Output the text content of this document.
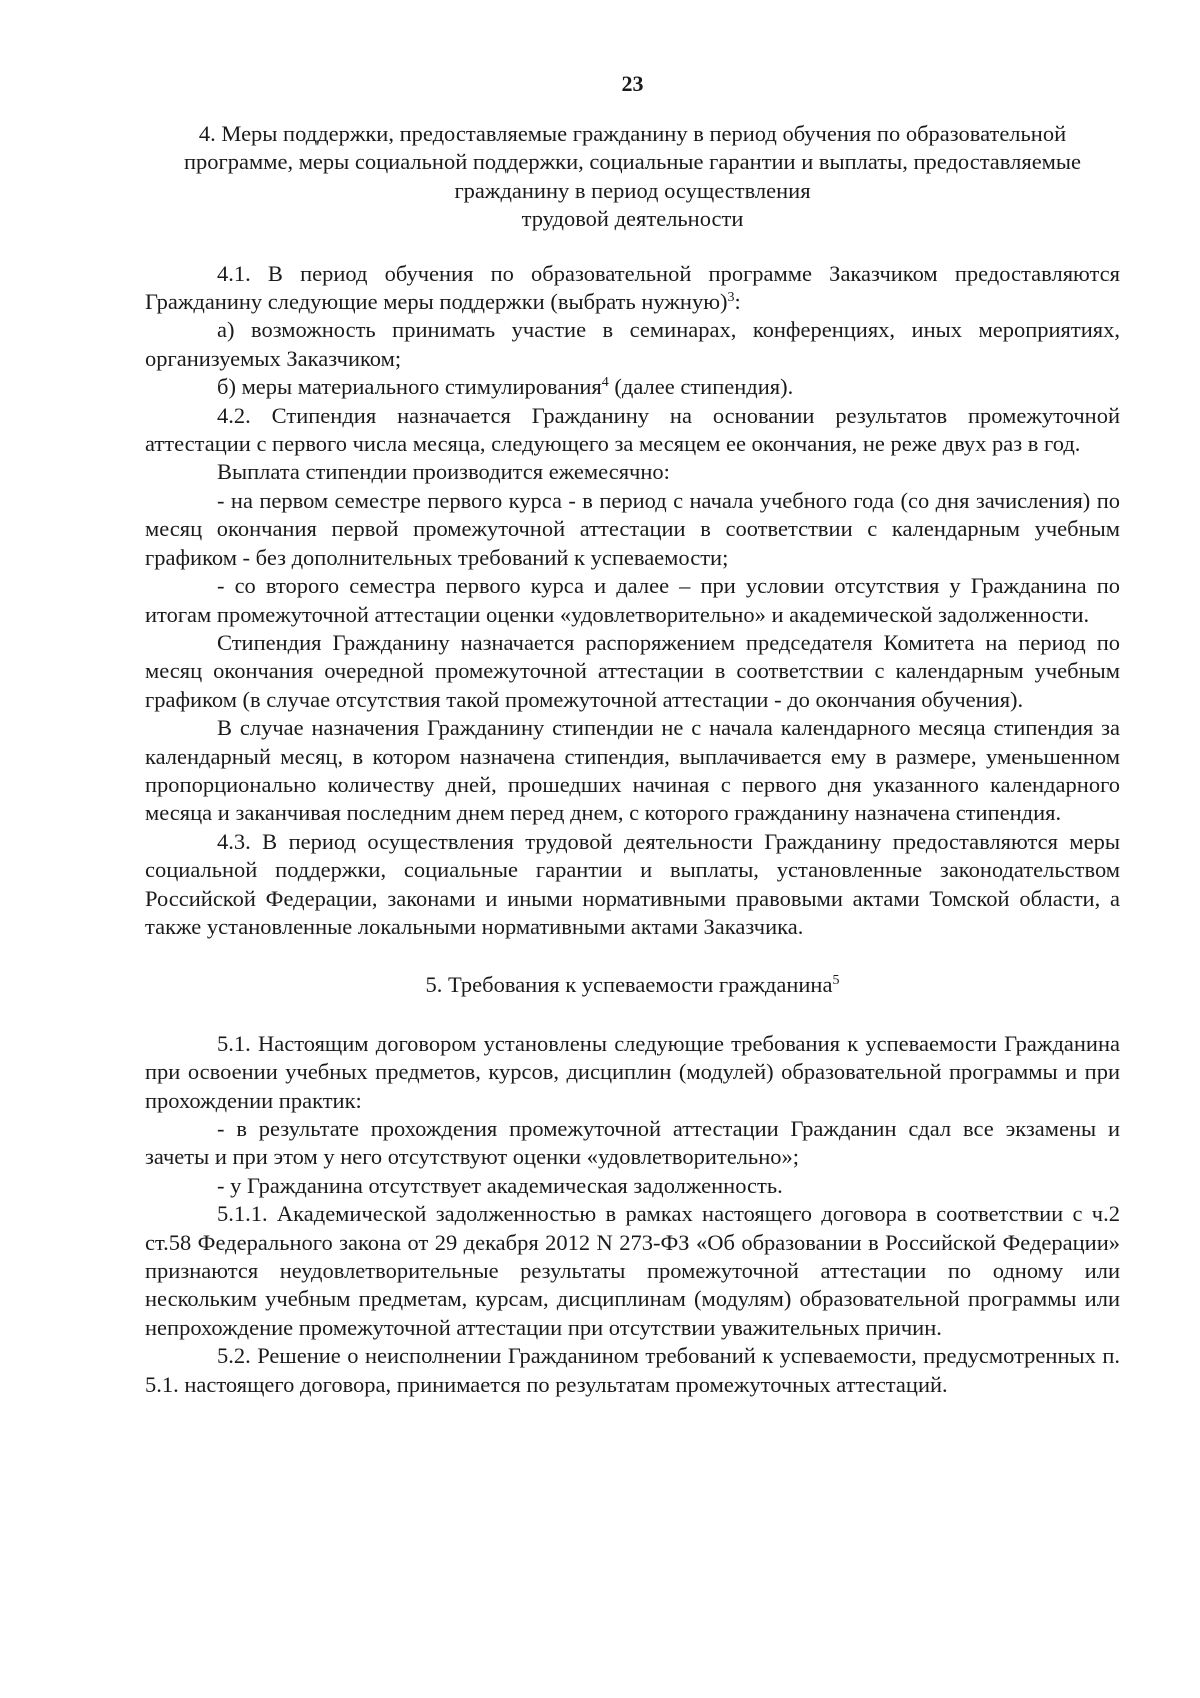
23
4. Меры поддержки, предоставляемые гражданину в период обучения по образовательной
программе, меры социальной поддержки, социальные гарантии и выплаты, предоставляемые
гражданину в период осуществления
трудовой деятельности

4.1. В период обучения по образовательной программе Заказчиком предоставляются Гражданину следующие меры поддержки (выбрать нужную)$^3$:

а) возможность принимать участие в семинарах, конференциях, иных мероприятиях, организуемых Заказчиком;

б) меры материального стимулирования$^4$ (далее стипендия).

4.2. Стипендия назначается Гражданину на основании результатов промежуточной аттестации с первого числа месяца, следующего за месяцем ее окончания, не реже двух раз в год.

Выплата стипендии производится ежемесячно:

- на первом семестре первого курса - в период с начала учебного года (со дня зачисления) по месяц окончания первой промежуточной аттестации в соответствии с календарным учебным графиком - без дополнительных требований к успеваемости;

- со второго семестра первого курса и далее – при условии отсутствия у Гражданина по итогам промежуточной аттестации оценки «удовлетворительно» и академической задолженности.

Стипендия Гражданину назначается распоряжением председателя Комитета на период по месяц окончания очередной промежуточной аттестации в соответствии с календарным учебным графиком (в случае отсутствия такой промежуточной аттестации - до окончания обучения).

В случае назначения Гражданину стипендии не с начала календарного месяца стипендия за календарный месяц, в котором назначена стипендия, выплачивается ему в размере, уменьшенном пропорционально количеству дней, прошедших начиная с первого дня указанного календарного месяца и заканчивая последним днем перед днем, с которого гражданину назначена стипендия.

4.3. В период осуществления трудовой деятельности Гражданину предоставляются меры социальной поддержки, социальные гарантии и выплаты, установленные законодательством Российской Федерации, законами и иными нормативными правовыми актами Томской области, а также установленные локальными нормативными актами Заказчика.

5. Требования к успеваемости гражданина$^5$

5.1. Настоящим договором установлены следующие требования к успеваемости Гражданина при освоении учебных предметов, курсов, дисциплин (модулей) образовательной программы и при прохождении практик:

- в результате прохождения промежуточной аттестации Гражданин сдал все экзамены и зачеты и при этом у него отсутствуют оценки «удовлетворительно»;

- у Гражданина отсутствует академическая задолженность.

5.1.1. Академической задолженностью в рамках настоящего договора в соответствии с ч.2 ст.58 Федерального закона от 29 декабря 2012 N 273-ФЗ «Об образовании в Российской Федерации» признаются неудовлетворительные результаты промежуточной аттестации по одному или нескольким учебным предметам, курсам, дисциплинам (модулям) образовательной программы или непрохождение промежуточной аттестации при отсутствии уважительных причин.

5.2. Решение о неисполнении Гражданином требований к успеваемости, предусмотренных п. 5.1. настоящего договора, принимается по результатам промежуточных аттестаций.
